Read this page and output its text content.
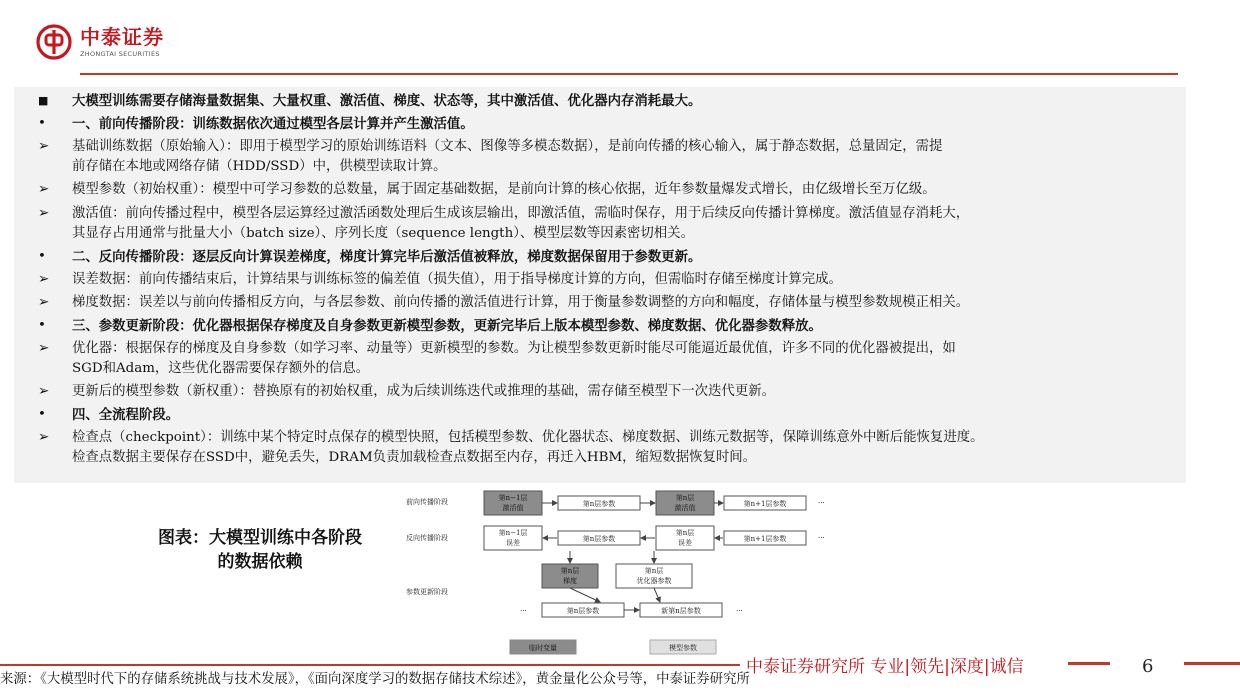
中泰证券
ZHONGTAI SECURITIES
■	大模型训练需要存储海量数据集、大量权重、激活值、梯度、状态等，其中激活值、优化器内存消耗最大。
•	一、前向传播阶段：训练数据依次通过模型各层计算并产生激活值。
➢	基础训练数据（原始输入）：即用于模型学习的原始训练语料（文本、图像等多模态数据），是前向传播的核心输入，属于静态数据，总量固定，需提
前存储在本地或网络存储（HDD/SSD）中，供模型读取计算。
➢	模型参数（初始权重）：模型中可学习参数的总数量，属于固定基础数据，是前向计算的核心依据，近年参数量爆发式增长，由亿级增长至万亿级。
➢	激活值：前向传播过程中，模型各层运算经过激活函数处理后生成该层输出，即激活值，需临时保存，用于后续反向传播计算梯度。激活值显存消耗大，
其显存占用通常与批量大小（batch size）、序列长度（sequence length）、模型层数等因素密切相关。
•	二、反向传播阶段：逐层反向计算误差梯度，梯度计算完毕后激活值被释放，梯度数据保留用于参数更新。
➢	误差数据：前向传播结束后，计算结果与训练标签的偏差值（损失值），用于指导梯度计算的方向，但需临时存储至梯度计算完成。
➢	梯度数据：误差以与前向传播相反方向，与各层参数、前向传播的激活值进行计算，用于衡量参数调整的方向和幅度，存储体量与模型参数规模正相关。
•	三、参数更新阶段：优化器根据保存梯度及自身参数更新模型参数，更新完毕后上版本模型参数、梯度数据、优化器参数释放。
➢	优化器：根据保存的梯度及自身参数（如学习率、动量等）更新模型的参数。为让模型参数更新时能尽可能逼近最优值，许多不同的优化器被提出，如
SGD和Adam，这些优化器需要保存额外的信息。
➢	更新后的模型参数（新权重）：替换原有的初始权重，成为后续训练迭代或推理的基础，需存储至模型下一次迭代更新。
•	四、全流程阶段。
➢	检查点（checkpoint）：训练中某个特定时点保存的模型快照，包括模型参数、优化器状态、梯度数据、训练元数据等，保障训练意外中断后能恢复进度。
检查点数据主要保存在SSD中，避免丢失，DRAM负责加载检查点数据至内存，再迁入HBM，缩短数据恢复时间。
图表：大模型训练中各阶段
的数据依赖
前向传播阶段
反向传播阶段
参数更新阶段
第n−1层
激活值	第n层参数
第n层
激活值	第n+1层参数	···
第n−1层
误差	第n层参数
第n层
误差	第n+1层参数	···
第n层
梯度
第n层
优化器参数
···	第n层参数	新第n层参数	···
临时变量	模型参数
中泰证券研究所 专业|领先|深度|诚信	6
来源：《大模型时代下的存储系统挑战与技术发展》，《面向深度学习的数据存储技术综述》，黄金量化公众号等，中泰证券研究所
